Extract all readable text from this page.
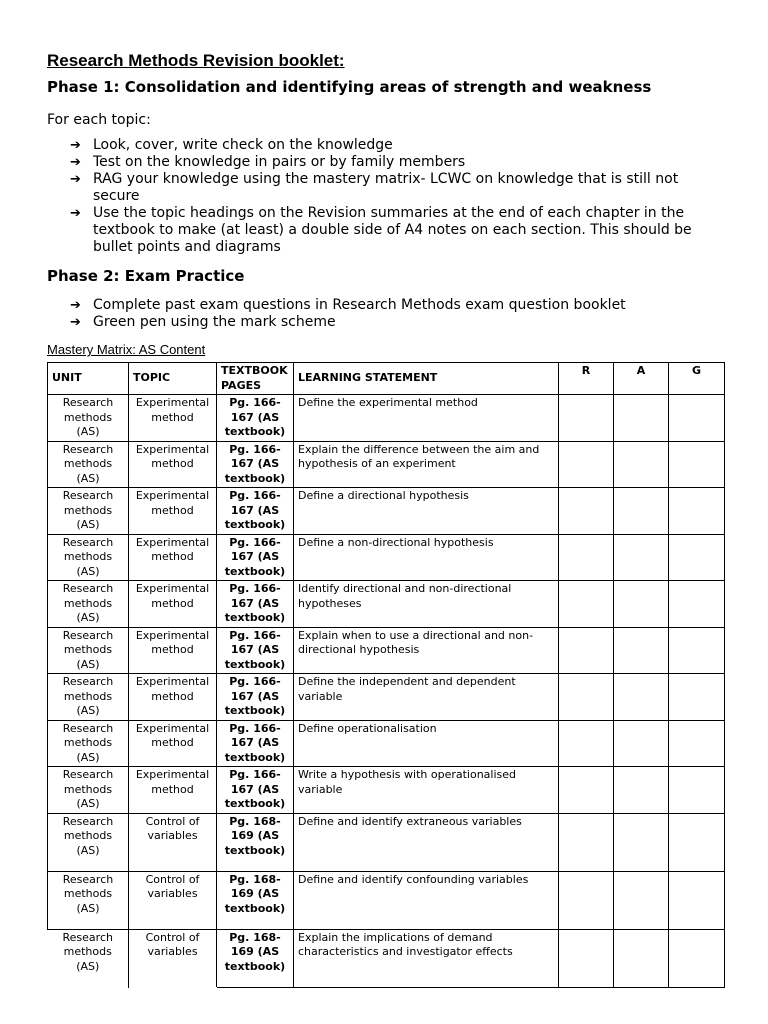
Research Methods Revision booklet:
Phase 1: Consolidation and identifying areas of strength and weakness

For each topic:

➔ Look, cover, write check on the knowledge
➔ Test on the knowledge in pairs or by family members
➔ RAG your knowledge using the mastery matrix- LCWC on knowledge that is still not secure
➔ Use the topic headings on the Revision summaries at the end of each chapter in the textbook to make (at least) a double side of A4 notes on each section. This should be bullet points and diagrams
Phase 2: Exam Practice
➔ Complete past exam questions in Research Methods exam question booklet
➔ Green pen using the mark scheme

Mastery Matrix: AS Content

UNIT	TOPIC	TEXTBOOK PAGES	LEARNING STATEMENT	R	A	G
Research methods (AS)	Experimental method	Pg. 166-167 (AS textbook)	Define the experimental method			
Research methods (AS)	Experimental method	Pg. 166-167 (AS textbook)	Explain the difference between the aim and hypothesis of an experiment			
Research methods (AS)	Experimental method	Pg. 166-167 (AS textbook)	Define a directional hypothesis			
Research methods (AS)	Experimental method	Pg. 166-167 (AS textbook)	Define a non-directional hypothesis			
Research methods (AS)	Experimental method	Pg. 166-167 (AS textbook)	Identify directional and non-directional hypotheses			
Research methods (AS)	Experimental method	Pg. 166-167 (AS textbook)	Explain when to use a directional and non-directional hypothesis			
Research methods (AS)	Experimental method	Pg. 166-167 (AS textbook)	Define the independent and dependent variable			
Research methods (AS)	Experimental method	Pg. 166-167 (AS textbook)	Define operationalisation			
Research methods (AS)	Experimental method	Pg. 166-167 (AS textbook)	Write a hypothesis with operationalised variable			
Research methods (AS)	Control of variables	Pg. 168-169 (AS textbook)	Define and identify extraneous variables			
Research methods (AS)	Control of variables	Pg. 168-169 (AS textbook)	Define and identify confounding variables			
Research methods (AS)	Control of variables	Pg. 168-169 (AS textbook)	Explain the implications of demand characteristics and investigator effects			
